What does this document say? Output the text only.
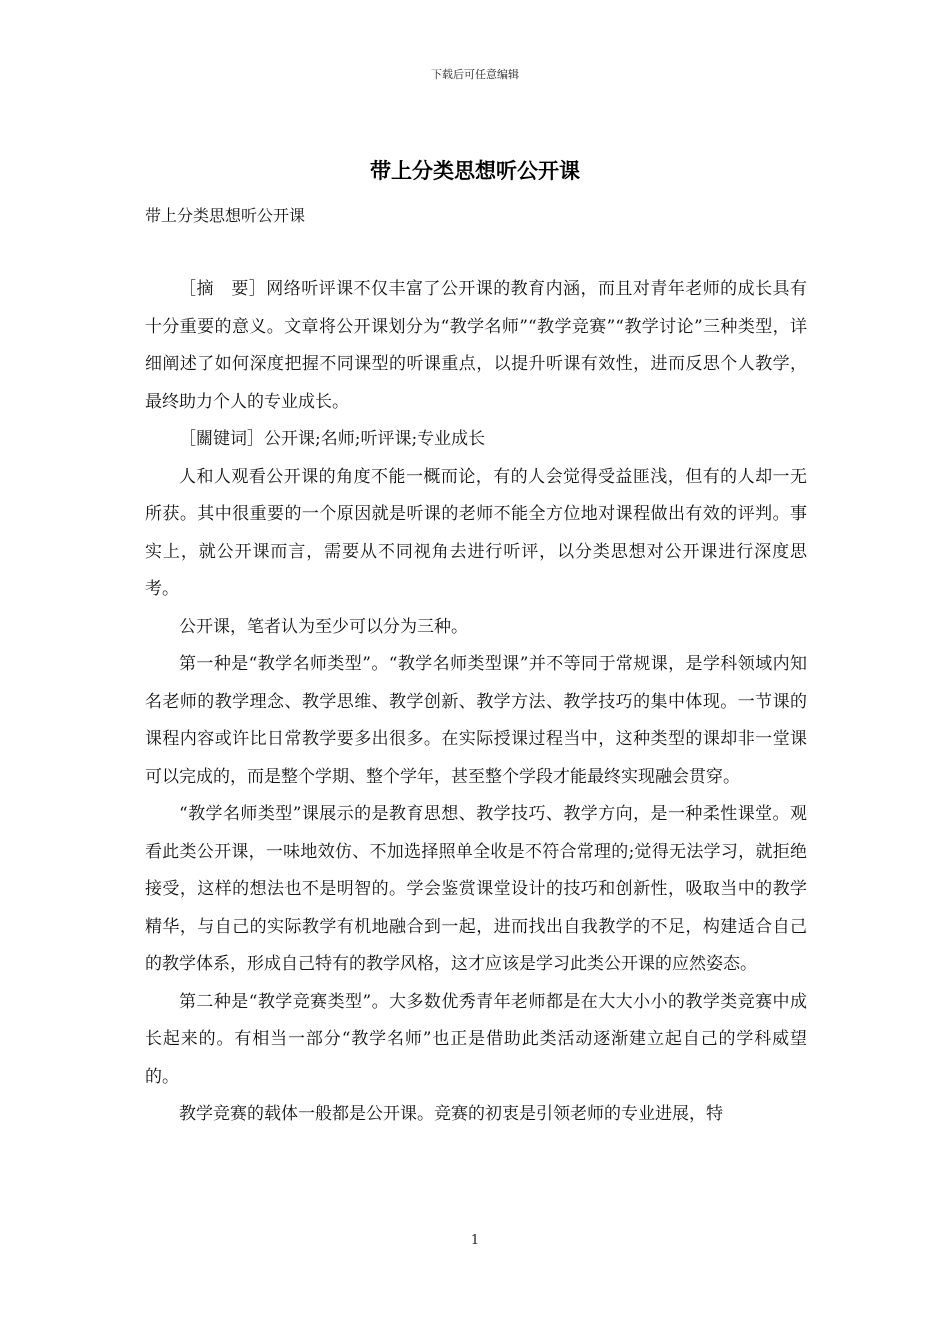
下载后可任意编辑
带上分类思想听公开课
带上分类思想听公开课

［摘　要］网络听评课不仅丰富了公开课的教育内涵，而且对青年老师的成长具有十分重要的意义。文章将公开课划分为“教学名师”“教学竞赛”“教学讨论”三种类型，详细阐述了如何深度把握不同课型的听课重点，以提升听课有效性，进而反思个人教学，最终助力个人的专业成长。

［關键词］公开课;名师;听评课;专业成长

人和人观看公开课的角度不能一概而论，有的人会觉得受益匪浅，但有的人却一无所获。其中很重要的一个原因就是听课的老师不能全方位地对课程做出有效的评判。事实上，就公开课而言，需要从不同视角去进行听评，以分类思想对公开课进行深度思考。

公开课，笔者认为至少可以分为三种。

第一种是“教学名师类型”。“教学名师类型课”并不等同于常规课，是学科领域内知名老师的教学理念、教学思维、教学创新、教学方法、教学技巧的集中体现。一节课的课程内容或许比日常教学要多出很多。在实际授课过程当中，这种类型的课却非一堂课可以完成的，而是整个学期、整个学年，甚至整个学段才能最终实现融会贯穿。

“教学名师类型”课展示的是教育思想、教学技巧、教学方向，是一种柔性课堂。观看此类公开课，一味地效仿、不加选择照单全收是不符合常理的;觉得无法学习，就拒绝接受，这样的想法也不是明智的。学会鉴赏课堂设计的技巧和创新性，吸取当中的教学精华，与自己的实际教学有机地融合到一起，进而找出自我教学的不足，构建适合自己的教学体系，形成自己特有的教学风格，这才应该是学习此类公开课的应然姿态。

第二种是“教学竞赛类型”。大多数优秀青年老师都是在大大小小的教学类竞赛中成长起来的。有相当一部分“教学名师”也正是借助此类活动逐渐建立起自己的学科威望的。

教学竞赛的载体一般都是公开课。竞赛的初衷是引领老师的专业进展，特

1
